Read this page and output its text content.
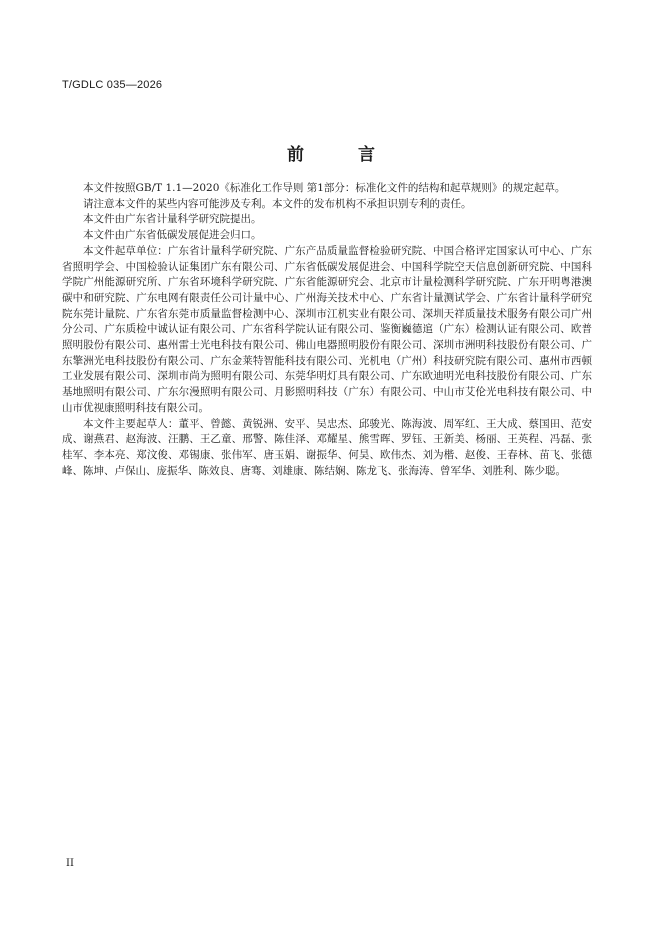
T/GDLC 035—2026

前 言

本文件按照GB/T 1.1—2020《标准化工作导则 第1部分：标准化文件的结构和起草规则》的规定起草。

请注意本文件的某些内容可能涉及专利。本文件的发布机构不承担识别专利的责任。

本文件由广东省计量科学研究院提出。

本文件由广东省低碳发展促进会归口。

本文件起草单位：广东省计量科学研究院、广东产品质量监督检验研究院、中国合格评定国家认可中心、广东省照明学会、中国检验认证集团广东有限公司、广东省低碳发展促进会、中国科学院空天信息创新研究院、中国科学院广州能源研究所、广东省环境科学研究院、广东省能源研究会、北京市计量检测科学研究院、广东开明粤港澳碳中和研究院、广东电网有限责任公司计量中心、广州海关技术中心、广东省计量测试学会、广东省计量科学研究院东莞计量院、广东省东莞市质量监督检测中心、深圳市江机实业有限公司、深圳天祥质量技术服务有限公司广州分公司、广东质检中诚认证有限公司、广东省科学院认证有限公司、鉴衡巍德逭（广东）检测认证有限公司、欧普照明股份有限公司、惠州雷士光电科技有限公司、佛山电器照明股份有限公司、深圳市洲明科技股份有限公司、广东擎洲光电科技股份有限公司、广东金莱特智能科技有限公司、光机电（广州）科技研究院有限公司、惠州市西顿工业发展有限公司、深圳市尚为照明有限公司、东莞华明灯具有限公司、广东欧迪明光电科技股份有限公司、广东基地照明有限公司、广东尔漫照明有限公司、月影照明科技（广东）有限公司、中山市艾伦光电科技有限公司、中山市优视康照明科技有限公司。

本文件主要起草人：董平、曾懿、黄锐洲、安平、吴忠杰、邱骏光、陈海波、周军红、王大成、蔡国田、范安成、谢燕君、赵海波、汪鹏、王乙童、邢警、陈佳泽、邓耀星、熊雪晖、罗钰、王新美、杨丽、王英程、冯磊、张桂军、李本亮、郑汶俊、邓锡康、张伟军、唐玉娟、谢振华、何昊、欧伟杰、刘为楷、赵俊、王春林、苗飞、张德峰、陈坤、卢保山、庞振华、陈效良、唐骞、刘雄康、陈结娴、陈龙飞、张海涛、曾军华、刘胜利、陈少聪。

II
